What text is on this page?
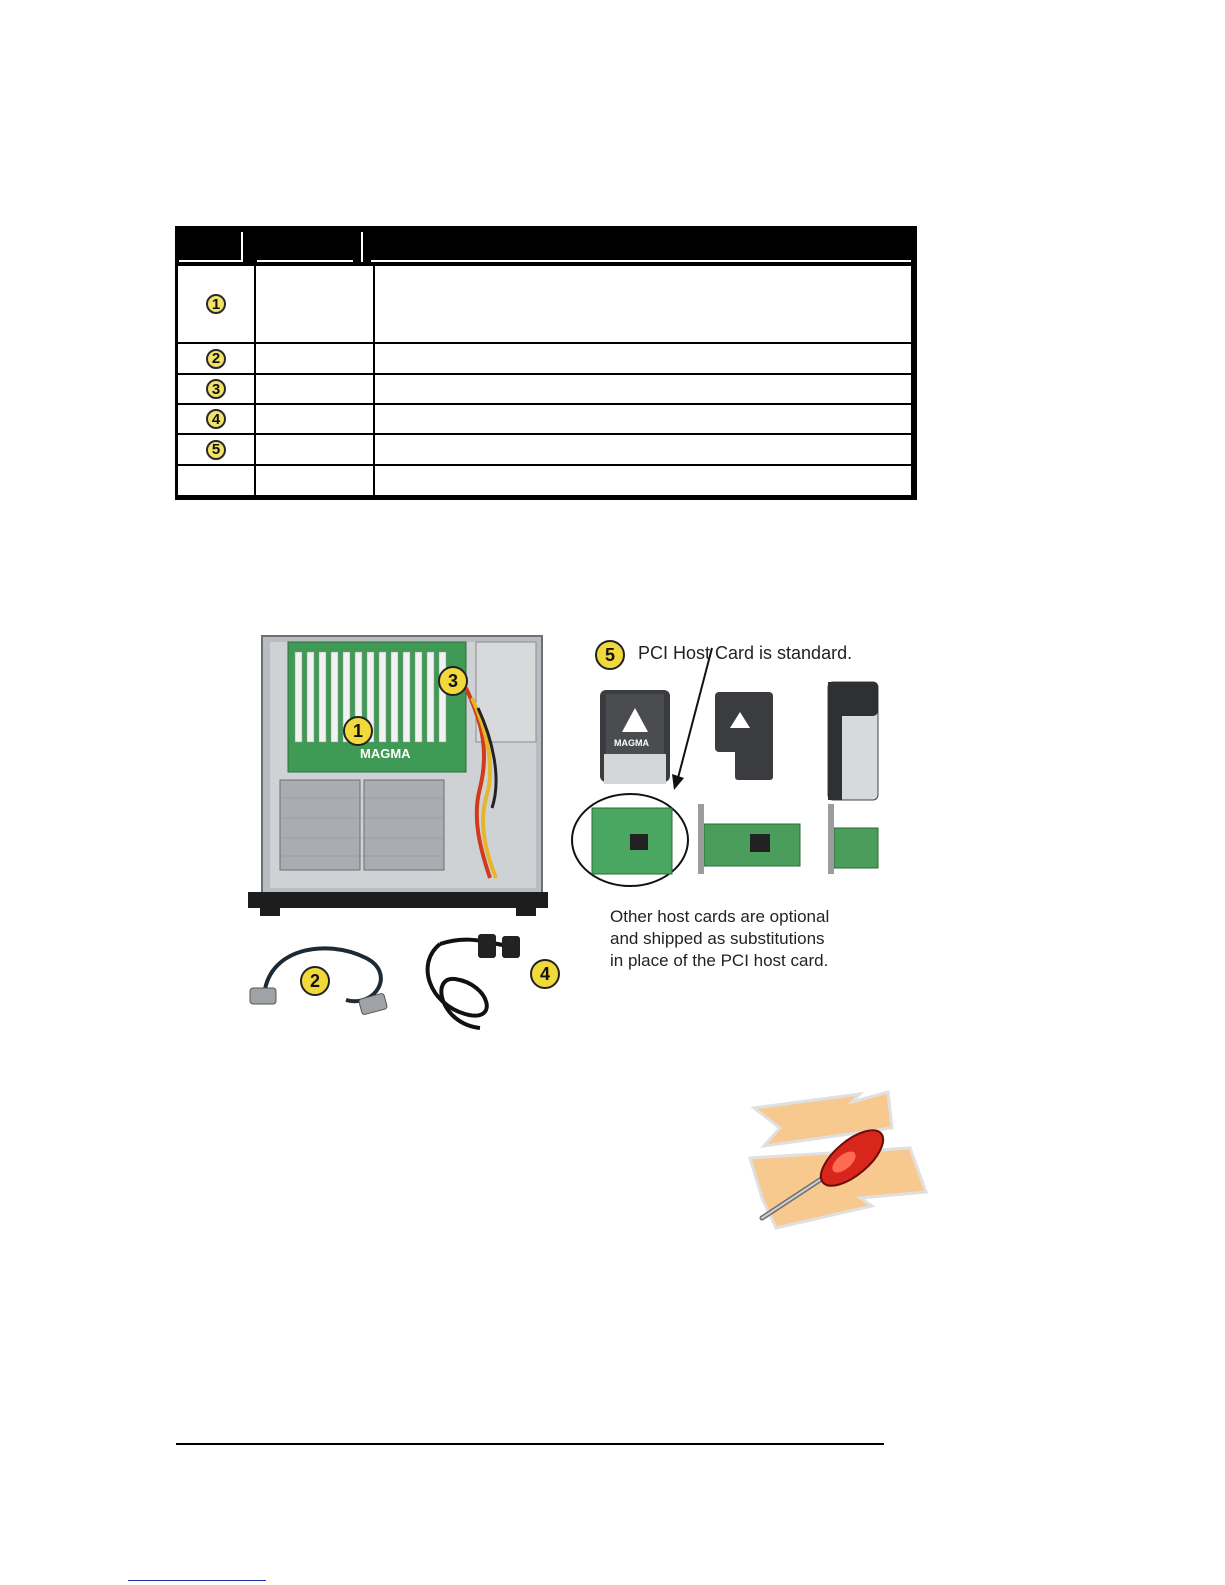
1
2
3
4
5
MAGMA
1
3
2	4
MAGMA
5	PCI Host Card is standard.
Other host cards are optional
and shipped as substitutions
in place of the PCI host card.
